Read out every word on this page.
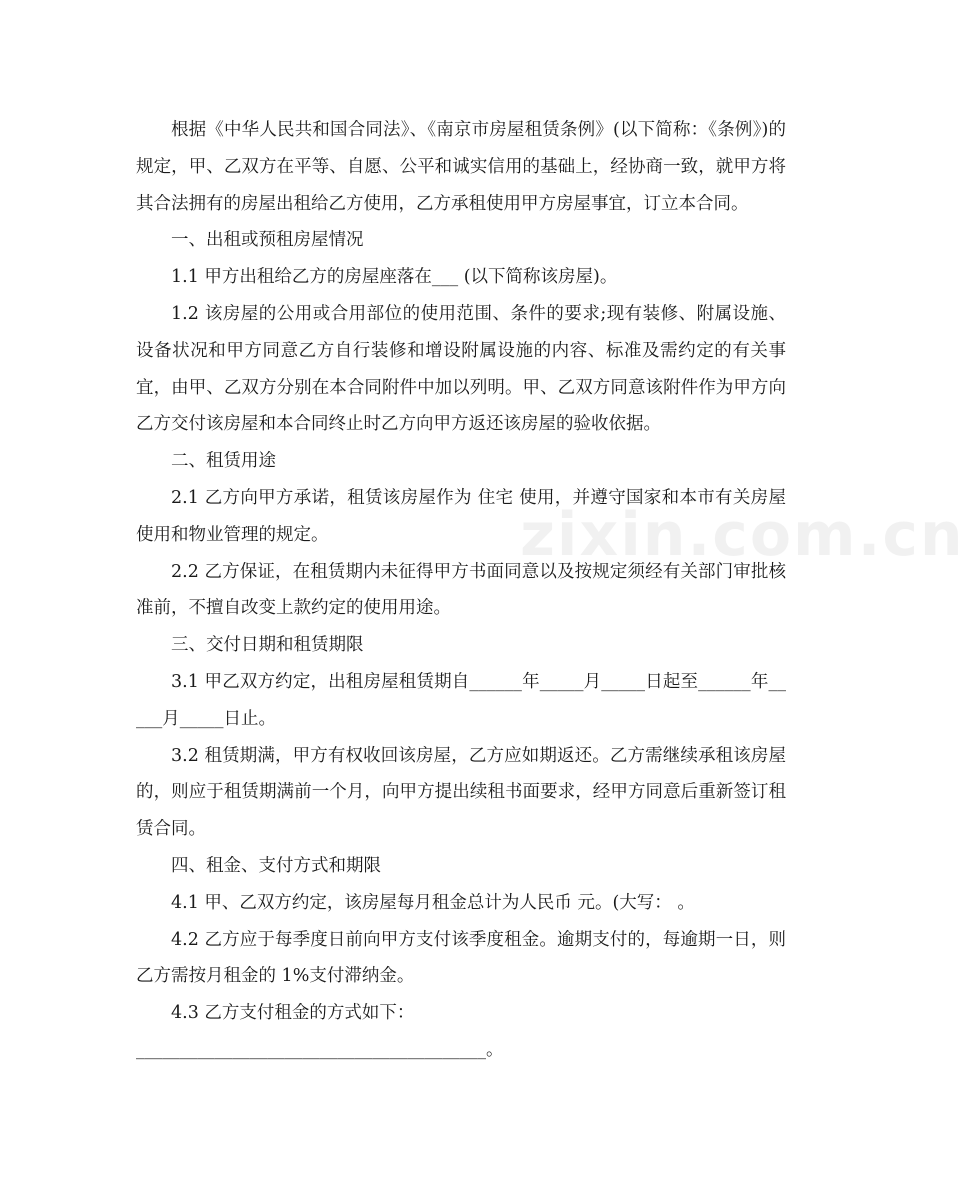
zixin.com.cn

根据《中华人民共和国合同法》、《南京市房屋租赁条例》(以下简称：《条例》)的规定，甲、乙双方在平等、自愿、公平和诚实信用的基础上，经协商一致，就甲方将其合法拥有的房屋出租给乙方使用，乙方承租使用甲方房屋事宜，订立本合同。

一、出租或预租房屋情况

1.1 甲方出租给乙方的房屋座落在___ (以下简称该房屋)。

1.2 该房屋的公用或合用部位的使用范围、条件的要求;现有装修、附属设施、设备状况和甲方同意乙方自行装修和增设附属设施的内容、标准及需约定的有关事宜，由甲、乙双方分别在本合同附件中加以列明。甲、乙双方同意该附件作为甲方向乙方交付该房屋和本合同终止时乙方向甲方返还该房屋的验收依据。

二、租赁用途

2.1 乙方向甲方承诺，租赁该房屋作为 住宅 使用，并遵守国家和本市有关房屋使用和物业管理的规定。

2.2 乙方保证，在租赁期内未征得甲方书面同意以及按规定须经有关部门审批核准前，不擅自改变上款约定的使用用途。

三、交付日期和租赁期限

3.1 甲乙双方约定，出租房屋租赁期自______年_____月_____日起至______年_____月_____日止。

3.2 租赁期满，甲方有权收回该房屋，乙方应如期返还。乙方需继续承租该房屋的，则应于租赁期满前一个月，向甲方提出续租书面要求，经甲方同意后重新签订租赁合同。

四、租金、支付方式和期限

4.1 甲、乙双方约定，该房屋每月租金总计为人民币 元。(大写： 。

4.2 乙方应于每季度日前向甲方支付该季度租金。逾期支付的，每逾期一日，则乙方需按月租金的 1%支付滞纳金。

4.3 乙方支付租金的方式如下：

________________________________________。
